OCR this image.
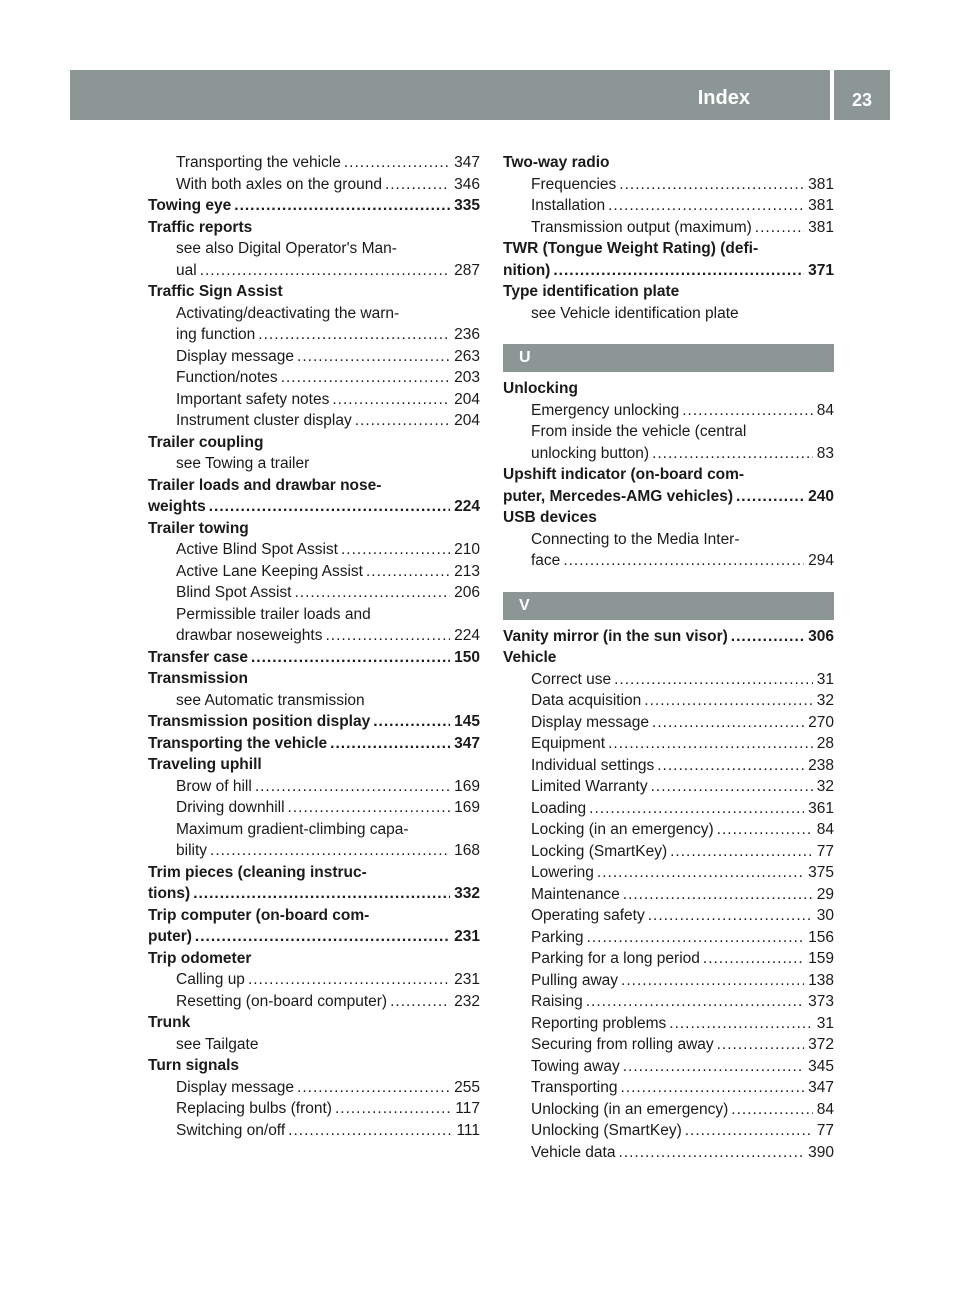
Index	23
Transporting the vehicle .....	347
With both axles on the ground .....	346
Towing eye .....	335
Traffic reports
see also Digital Operator's Man-
ual .....	287
Traffic Sign Assist
Activating/deactivating the warn-
ing function .....	236
Display message .....	263
Function/notes .....	203
Important safety notes .....	204
Instrument cluster display .....	204
Trailer coupling
see Towing a trailer
Trailer loads and drawbar nose-
weights .....	224
Trailer towing
Active Blind Spot Assist .....	210
Active Lane Keeping Assist .....	213
Blind Spot Assist .....	206
Permissible trailer loads and
drawbar noseweights .....	224
Transfer case .....	150
Transmission
see Automatic transmission
Transmission position display .....	145
Transporting the vehicle .....	347
Traveling uphill
Brow of hill .....	169
Driving downhill .....	169
Maximum gradient-climbing capa-
bility .....	168
Trim pieces (cleaning instruc-
tions) .....	332
Trip computer (on-board com-
puter) .....	231
Trip odometer
Calling up .....	231
Resetting (on-board computer) .....	232
Trunk
see Tailgate
Turn signals
Display message .....	255
Replacing bulbs (front) .....	117
Switching on/off .....	111
Two-way radio
Frequencies .....	381
Installation .....	381
Transmission output (maximum) .....	381
TWR (Tongue Weight Rating) (defi-
nition) .....	371
Type identification plate
see Vehicle identification plate
U
Unlocking
Emergency unlocking .....	84
From inside the vehicle (central
unlocking button) .....	83
Upshift indicator (on-board com-
puter, Mercedes-AMG vehicles) .....	240
USB devices
Connecting to the Media Inter-
face .....	294
V
Vanity mirror (in the sun visor) .....	306
Vehicle
Correct use .....	31
Data acquisition .....	32
Display message .....	270
Equipment .....	28
Individual settings .....	238
Limited Warranty .....	32
Loading .....	361
Locking (in an emergency) .....	84
Locking (SmartKey) .....	77
Lowering .....	375
Maintenance .....	29
Operating safety .....	30
Parking .....	156
Parking for a long period .....	159
Pulling away .....	138
Raising .....	373
Reporting problems .....	31
Securing from rolling away .....	372
Towing away .....	345
Transporting .....	347
Unlocking (in an emergency) .....	84
Unlocking (SmartKey) .....	77
Vehicle data .....	390
